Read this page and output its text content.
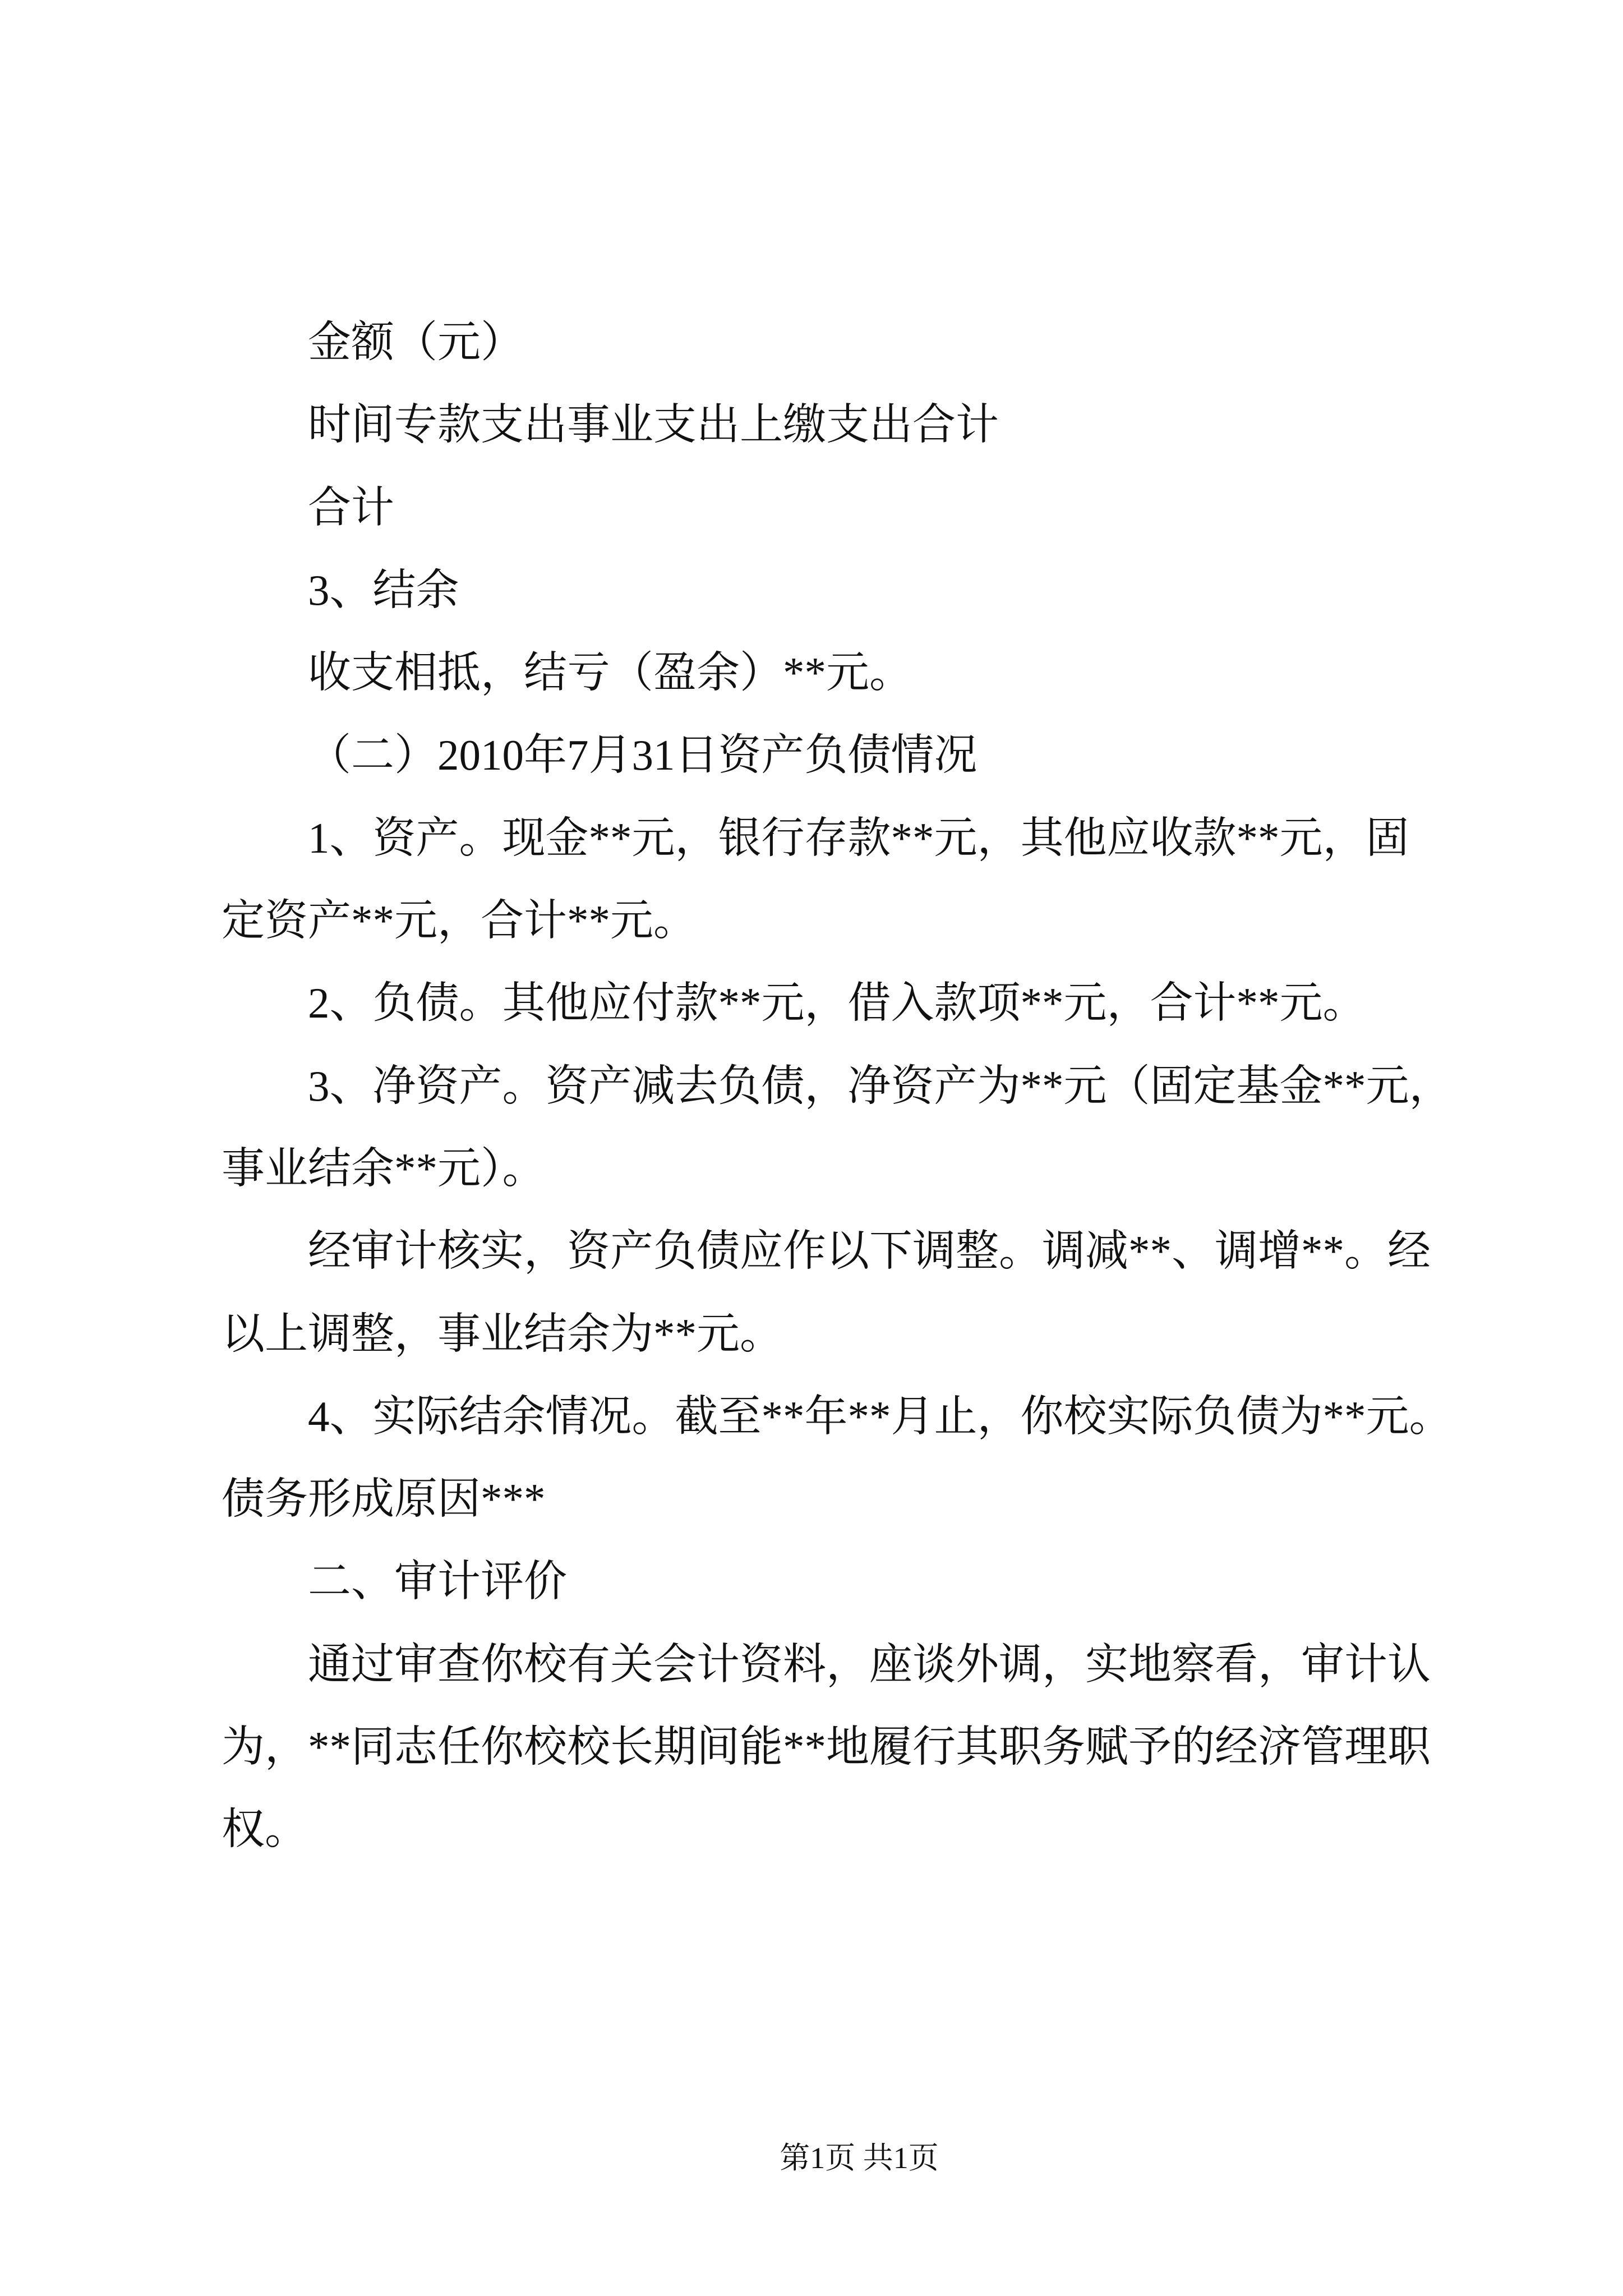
金额（元）
时间专款支出事业支出上缴支出合计
合计
3、结余
收支相抵，结亏（盈余）**元。
（二）2010年7月31日资产负债情况
1、资产。现金**元，银行存款**元，其他应收款**元，固
定资产**元，合计**元。
2、负债。其他应付款**元，借入款项**元，合计**元。
3、净资产。资产减去负债，净资产为**元（固定基金**元，
事业结余**元）。
经审计核实，资产负债应作以下调整。调减**、调增**。经
以上调整，事业结余为**元。
4、实际结余情况。截至**年**月止，你校实际负债为**元。
债务形成原因***
二、审计评价
通过审查你校有关会计资料，座谈外调，实地察看，审计认
为，**同志任你校校长期间能**地履行其职务赋予的经济管理职
权。
第1页 共1页
